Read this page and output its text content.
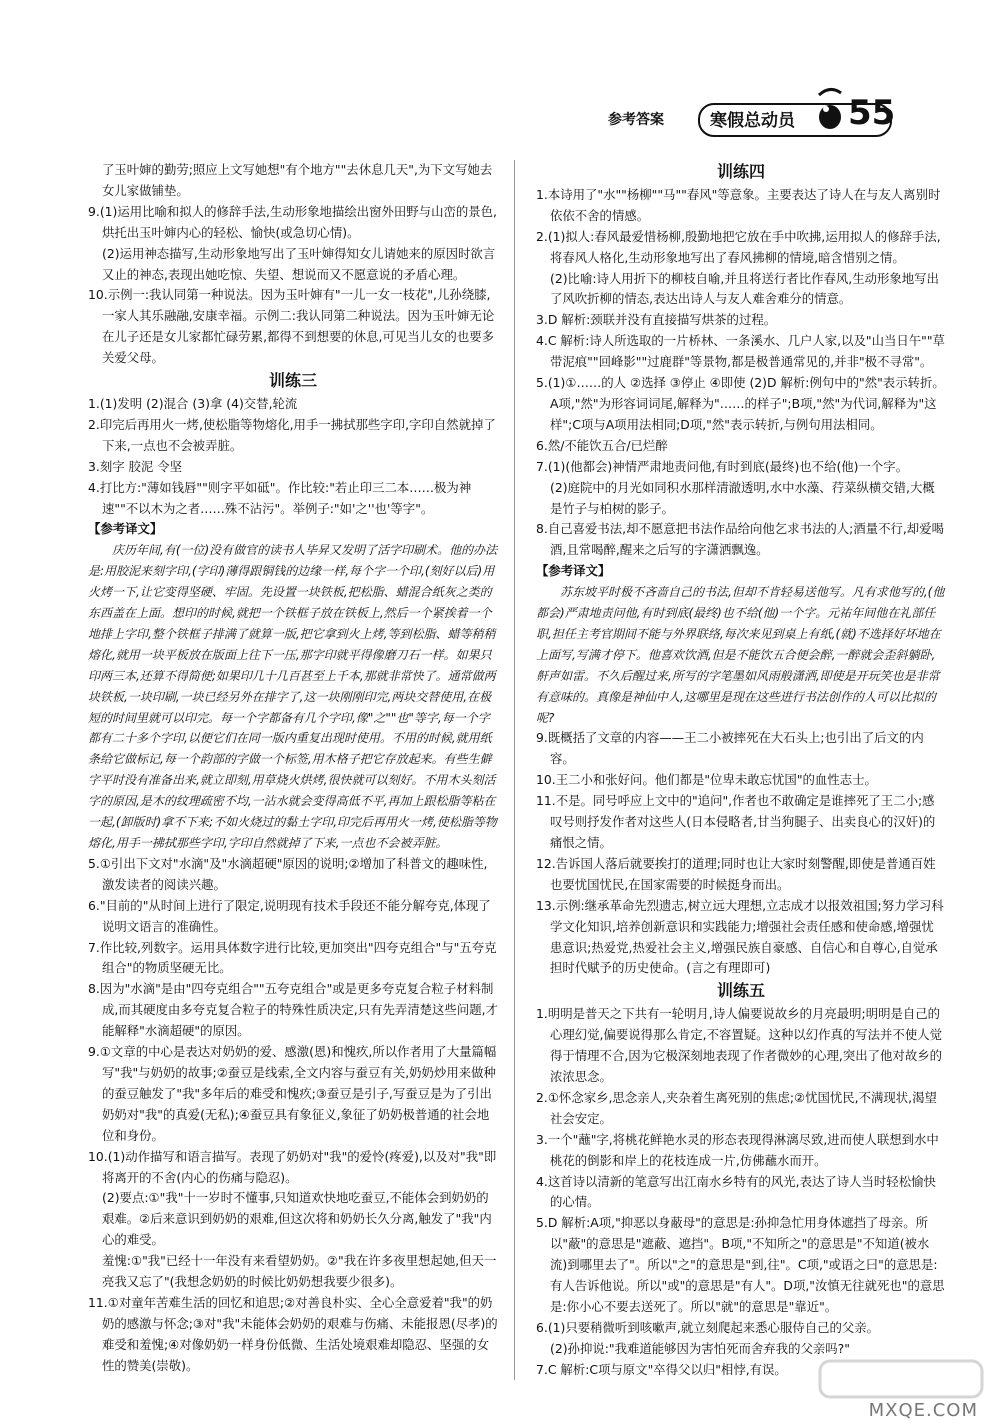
参考答案	寒假总动员 55

了玉叶婶的勤劳;照应上文写她想"有个地方""去休息几天",为下文写她去女儿家做铺垫。

9.(1)运用比喻和拟人的修辞手法,生动形象地描绘出窗外田野与山峦的景色,烘托出玉叶婶内心的轻松、愉快(或急切心情)。

(2)运用神态描写,生动形象地写出了玉叶婶得知女儿请她来的原因时欲言又止的神态,表现出她吃惊、失望、想说而又不愿意说的矛盾心理。

10.示例一:我认同第一种说法。因为玉叶婶有"一儿一女一枝花",儿孙绕膝,一家人其乐融融,安康幸福。示例二:我认同第二种说法。因为玉叶婶无论在儿子还是女儿家都忙碌劳累,都得不到想要的休息,可见当儿女的也要多关爱父母。

训练三

1.(1)发明 (2)混合 (3)拿 (4)交替,轮流

2.印完后再用火一烤,使松脂等物熔化,用手一拂拭那些字印,字印自然就掉了下来,一点也不会被弄脏。

3.刻字 胶泥 令坚

4.打比方:"薄如钱唇""则字平如砥"。作比较:"若止印三二本……极为神速""不以木为之者……殊不沾污"。举例子:"如'之''也'等字"。

【参考译文】

庆历年间,有(一位)没有做官的读书人毕昇又发明了活字印刷术。他的办法是:用胶泥来刻字印,(字印)薄得跟铜钱的边缘一样,每个字一个印,(刻好以后)用火烤一下,让它变得坚硬、牢固。先设置一块铁板,把松脂、蜡混合纸灰之类的东西盖在上面。想印的时候,就把一个铁框子放在铁板上,然后一个紧挨着一个地排上字印,整个铁框子排满了就算一版,把它拿到火上烤,等到松脂、蜡等稍稍熔化,就用一块平板放在版面上往下一压,那字印就平得像磨刀石一样。如果只印两三本,还算不得简便;如果印几十几百甚至上千本,那就非常快了。通常做两块铁板,一块印刷,一块已经另外在排字了,这一块刚刚印完,两块交替使用,在极短的时间里就可以印完。每一个字都备有几个字印,像"之""也"等字,每一个字都有二十多个字印,以便它们在同一版内重复出现时使用。不用的时候,就用纸条给它做标记,每一个韵部的字做一个标签,用木格子把它存放起来。有些生僻字平时没有准备出来,就立即刻,用草烧火烘烤,很快就可以刻好。不用木头刻活字的原因,是木的纹理疏密不均,一沾水就会变得高低不平,再加上跟松脂等粘在一起,(卸版时)拿不下来;不如火烧过的黏土字印,印完后再用火一烤,使松脂等物熔化,用手一拂拭那些字印,字印自然就掉了下来,一点也不会被弄脏。

5.①引出下文对"水滴"及"水滴超硬"原因的说明;②增加了科普文的趣味性,激发读者的阅读兴趣。

6."目前的"从时间上进行了限定,说明现有技术手段还不能分解夸克,体现了说明文语言的准确性。

7.作比较,列数字。运用具体数字进行比较,更加突出"四夸克组合"与"五夸克组合"的物质坚硬无比。

8.因为"水滴"是由"四夸克组合""五夸克组合"或是更多夸克复合粒子材料制成,而其硬度由多夸克复合粒子的特殊性质决定,只有先弄清楚这些问题,才能解释"水滴超硬"的原因。

9.①文章的中心是表达对奶奶的爱、感激(恩)和愧疚,所以作者用了大量篇幅写"我"与奶奶的故事;②蚕豆是线索,全文内容与蚕豆有关,奶奶炒用来做种的蚕豆触发了"我"多年后的难受和愧疚;③蚕豆是引子,写蚕豆是为了引出奶奶对"我"的真爱(无私);④蚕豆具有象征义,象征了奶奶极普通的社会地位和身份。

10.(1)动作描写和语言描写。表现了奶奶对"我"的爱怜(疼爱),以及对"我"即将离开的不舍(内心的伤痛与隐忍)。

(2)要点:①"我"十一岁时不懂事,只知道欢快地吃蚕豆,不能体会到奶奶的艰难。②后来意识到奶奶的艰难,但这次将和奶奶长久分离,触发了"我"内心的难受。

羞愧:①"我"已经十一年没有来看望奶奶。②"我在许多夜里想起她,但天一亮我又忘了"(我想念奶奶的时候比奶奶想我要少很多)。

11.①对童年苦难生活的回忆和追思;②对善良朴实、全心全意爱着"我"的奶奶的感激与怀念;③对"我"未能体会奶奶的艰难与伤痛、未能报恩(尽孝)的难受和羞愧;④对像奶奶一样身份低微、生活处境艰难却隐忍、坚强的女性的赞美(崇敬)。

训练四

1.本诗用了"水""杨柳""马""春风"等意象。主要表达了诗人在与友人离别时依依不舍的情感。

2.(1)拟人:春风最爱惜杨柳,殷勤地把它放在手中吹拂,运用拟人的修辞手法,将春风人格化,生动形象地写出了春风拂柳的情境,暗含惜别之情。

(2)比喻:诗人用折下的柳枝自喻,并且将送行者比作春风,生动形象地写出了风吹折柳的情态,表达出诗人与友人难舍难分的情意。

3.D 解析:颈联并没有直接描写烘茶的过程。

4.C 解析:诗人所选取的一片桥林、一条溪水、几户人家,以及"山当日午""草带泥痕""回峰影""过鹿群"等景物,都是极普通常见的,并非"极不寻常"。

5.(1)①……的人 ②选择 ③停止 ④即使 (2)D 解析:例句中的"然"表示转折。A项,"然"为形容词词尾,解释为"……的样子";B项,"然"为代词,解释为"这样";C项与A项用法相同;D项,"然"表示转折,与例句用法相同。

6.然/不能饮五合/已烂醉

7.(1)(他都会)神情严肃地责问他,有时到底(最终)也不给(他)一个字。

(2)庭院中的月光如同积水那样清澈透明,水中水藻、荇菜纵横交错,大概是竹子与柏树的影子。

8.自己喜爱书法,却不愿意把书法作品给向他乞求书法的人;酒量不行,却爱喝酒,且常喝醉,醒来之后写的字潇洒飘逸。

【参考译文】

苏东坡平时极不吝啬自己的书法,但却不肯轻易送他写。凡有求他写的,(他都会)严肃地责问他,有时到底(最终)也不给(他)一个字。元祐年间他在礼部任职,担任主考官期间不能与外界联络,每次来见到桌上有纸,(就)不选择好坏地在上面写,写满才停下。他喜欢饮酒,但是不能饮五合便会醉,一醉就会歪斜躺卧,鼾声如雷。不久后醒过来,所写的字笔墨如风雨般潇洒,即使是开玩笑也是非常有意味的。真像是神仙中人,这哪里是现在这些进行书法创作的人可以比拟的呢?

9.既概括了文章的内容——王二小被摔死在大石头上;也引出了后文的内容。

10.王二小和张好问。他们都是"位卑未敢忘忧国"的血性志士。

11.不是。同号呼应上文中的"追问",作者也不敢确定是谁摔死了王二小;感叹号则抒发作者对这些人(日本侵略者,甘当狗腿子、出卖良心的汉奸)的痛恨之情。

12.告诉国人落后就要挨打的道理;同时也让大家时刻警醒,即使是普通百姓也要忧国忧民,在国家需要的时候挺身而出。

13.示例:继承革命先烈遗志,树立远大理想,立志成才以报效祖国;努力学习科学文化知识,培养创新意识和实践能力;增强社会责任感和使命感,增强忧患意识;热爱党,热爱社会主义,增强民族自豪感、自信心和自尊心,自觉承担时代赋予的历史使命。(言之有理即可)

训练五

1.明明是普天之下共有一轮明月,诗人偏要说故乡的月亮最明;明明是自己的心理幻觉,偏要说得那么肯定,不容置疑。这种以幻作真的写法并不使人觉得于情理不合,因为它极深刻地表现了作者微妙的心理,突出了他对故乡的浓浓思念。

2.①怀念家乡,思念亲人,夹杂着生离死别的焦虑;②忧国忧民,不满现状,渴望社会安定。

3.一个"蘸"字,将桃花鲜艳水灵的形态表现得淋漓尽致,进而使人联想到水中桃花的倒影和岸上的花枝连成一片,仿佛蘸水而开。

4.这首诗以清新的笔意写出江南水乡特有的风光,表达了诗人当时轻松愉快的心情。

5.D 解析:A项,"抑恶以身蔽母"的意思是:孙抑急忙用身体遮挡了母亲。所以"蔽"的意思是"遮蔽、遮挡"。B项,"不知所之"的意思是"不知道(被水流)到哪里去了"。所以"之"的意思是"到,往"。C项,"或语之曰"的意思是:有人告诉他说。所以"或"的意思是"有人"。D项,"汝慎无往就死也"的意思是:你小心不要去送死了。所以"就"的意思是"靠近"。

6.(1)只要稍微听到咳嗽声,就立刻爬起来悉心服侍自己的父亲。

(2)孙抑说:"我难道能够因为害怕死而舍弃我的父亲吗?"

7.C 解析:C项与原文"卒得父以归"相悖,有误。

MXQE.COM
